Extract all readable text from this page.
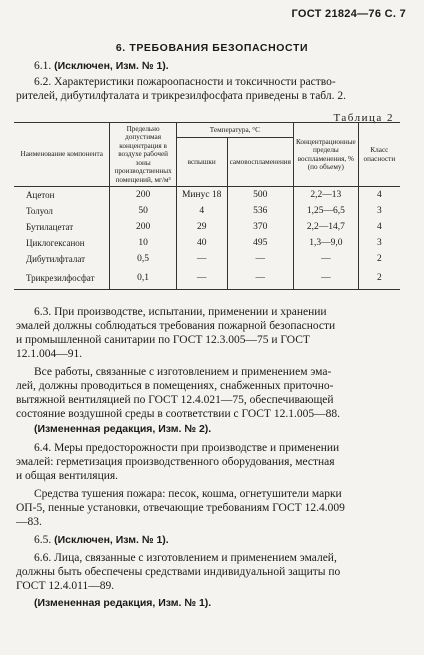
ГОСТ 21824—76 С. 7
6. ТРЕБОВАНИЯ БЕЗОПАСНОСТИ
6.1. (Исключен, Изм. № 1).
6.2. Характеристики пожароопасности и токсичности раство-
рителей, дибутилфталата и трикрезилфосфата приведены в табл. 2.
Таблица 2
Наименование компонента	Предельно допустимая концентрация в воздухе рабочей зоны производственных помещений, мг/м³	Температура, °С		Концентрационные пределы воспламенения, % (по объему)	Класс опасности
		вспышки	самовоспламенения		
Ацетон	200	Минус 18	500	2,2—13	4
Толуол	50	4	536	1,25—6,5	3
Бутилацетат	200	29	370	2,2—14,7	4
Циклогексанон	10	40	495	1,3—9,0	3
Дибутилфталат	0,5	—	—	—	2
Трикрезилфосфат	0,1	—	—	—	2
6.3. При производстве, испытании, применении и хранении
эмалей должны соблюдаться требования пожарной безопасности
и промышленной санитарии по ГОСТ 12.3.005—75 и ГОСТ
12.1.004—91.
Все работы, связанные с изготовлением и применением эма-
лей, должны проводиться в помещениях, снабженных приточно-
вытяжной вентиляцией по ГОСТ 12.4.021—75, обеспечивающей
состояние воздушной среды в соответствии с ГОСТ 12.1.005—88.
(Измененная редакция, Изм. № 2).
6.4. Меры предосторожности при производстве и применении
эмалей: герметизация производственного оборудования, местная
и общая вентиляция.
Средства тушения пожара: песок, кошма, огнетушители марки
ОП-5, пенные установки, отвечающие требованиям ГОСТ 12.4.009
—83.
6.5. (Исключен, Изм. № 1).
6.6. Лица, связанные с изготовлением и применением эмалей,
должны быть обеспечены средствами индивидуальной защиты по
ГОСТ 12.4.011—89.
(Измененная редакция, Изм. № 1).
